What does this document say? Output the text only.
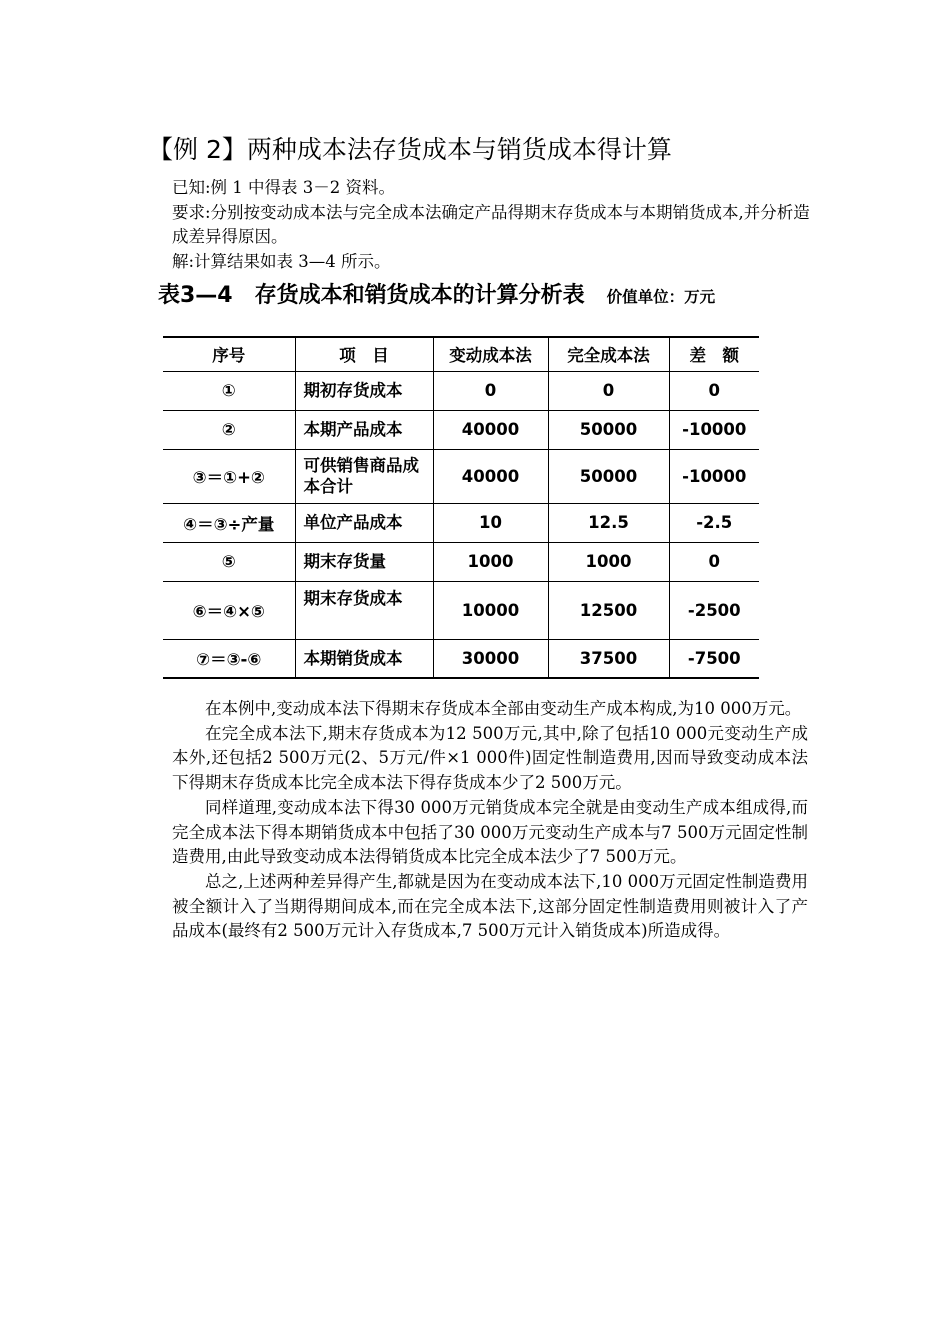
【例 2】两种成本法存货成本与销货成本得计算

已知:例 1 中得表 3－2 资料。

要求:分别按变动成本法与完全成本法确定产品得期末存货成本与本期销货成本,并分析造成差异得原因。

解:计算结果如表 3—4 所示。

表3—4　存货成本和销货成本的计算分析表 价值单位：万元
序号	项　目	变动成本法	完全成本法	差　额
①	期初存货成本	0	0	0
②	本期产品成本	40000	50000	-10000
③＝①+②	可供销售商品成本合计	40000	50000	-10000
④＝③÷产量	单位产品成本	10	12.5	-2.5
⑤	期末存货量	1000	1000	0
⑥＝④×⑤	期末存货成本	10000	12500	-2500
⑦＝③-⑥	本期销货成本	30000	37500	-7500

在本例中,变动成本法下得期末存货成本全部由变动生产成本构成,为10 000万元。

在完全成本法下,期末存货成本为12 500万元,其中,除了包括10 000元变动生产成本外,还包括2 500万元(2、5万元/件×1 000件)固定性制造费用,因而导致变动成本法下得期末存货成本比完全成本法下得存货成本少了2 500万元。

同样道理,变动成本法下得30 000万元销货成本完全就是由变动生产成本组成得,而完全成本法下得本期销货成本中包括了30 000万元变动生产成本与7 500万元固定性制造费用,由此导致变动成本法得销货成本比完全成本法少了7 500万元。

总之,上述两种差异得产生,都就是因为在变动成本法下,10 000万元固定性制造费用被全额计入了当期得期间成本,而在完全成本法下,这部分固定性制造费用则被计入了产品成本(最终有2 500万元计入存货成本,7 500万元计入销货成本)所造成得。
